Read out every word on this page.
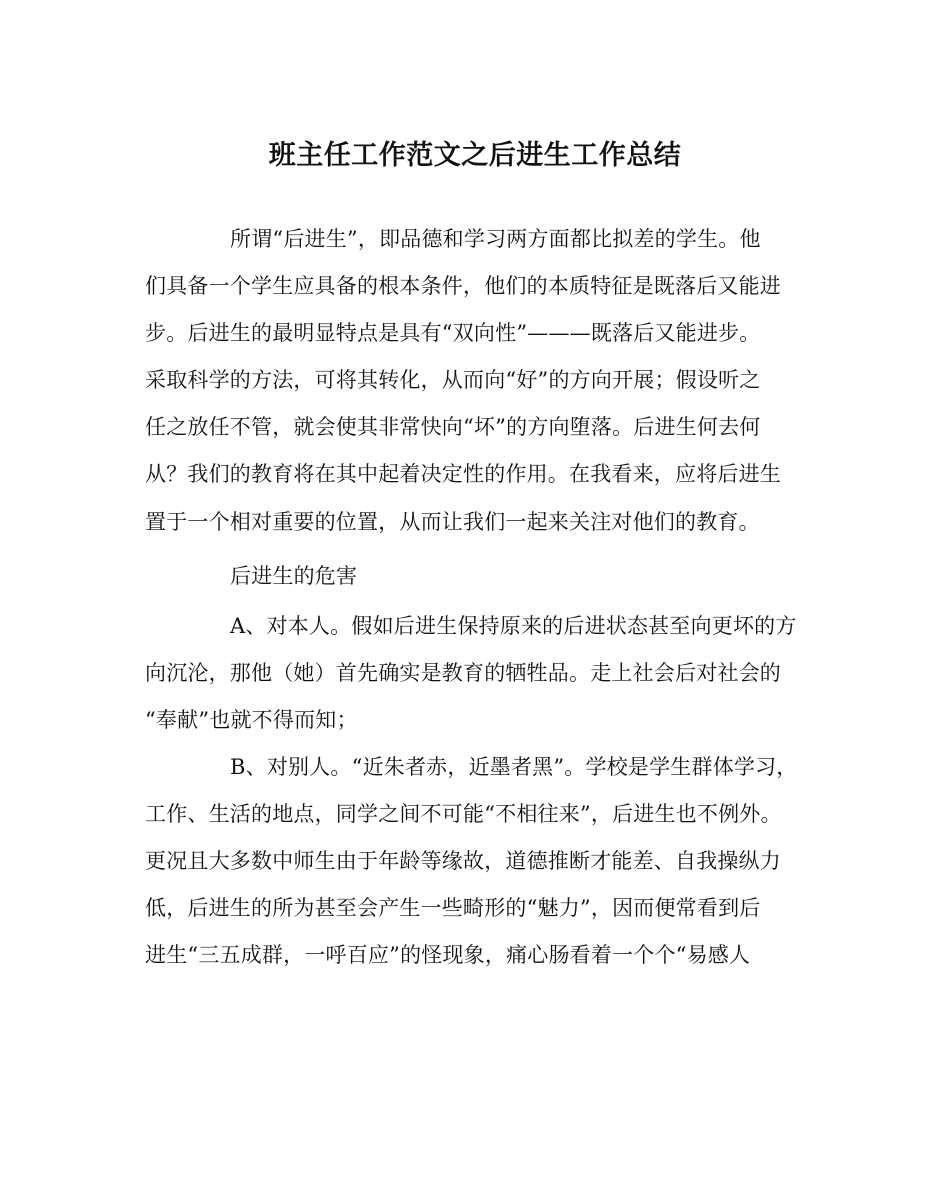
班主任工作范文之后进生工作总结
所谓“后进生”，即品德和学习两方面都比拟差的学生。他
们具备一个学生应具备的根本条件，他们的本质特征是既落后又能进
步。后进生的最明显特点是具有“双向性”———既落后又能进步。
采取科学的方法，可将其转化，从而向“好”的方向开展；假设听之
任之放任不管，就会使其非常快向“坏”的方向堕落。后进生何去何
从？我们的教育将在其中起着决定性的作用。在我看来，应将后进生
置于一个相对重要的位置，从而让我们一起来关注对他们的教育。
后进生的危害
A、对本人。假如后进生保持原来的后进状态甚至向更坏的方
向沉沦，那他（她）首先确实是教育的牺牲品。走上社会后对社会的
“奉献”也就不得而知；
B、对别人。“近朱者赤，近墨者黑”。学校是学生群体学习，
工作、生活的地点，同学之间不可能“不相往来”，后进生也不例外。
更况且大多数中师生由于年龄等缘故，道德推断才能差、自我操纵力
低，后进生的所为甚至会产生一些畸形的“魅力”，因而便常看到后
进生“三五成群，一呼百应”的怪现象，痛心肠看着一个个“易感人
